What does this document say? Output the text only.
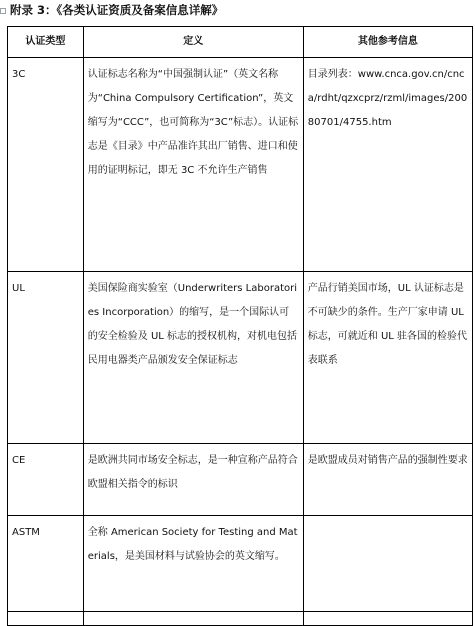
附录 3：《各类认证资质及备案信息详解》
认证类型	定义	其他参考信息
3C	认证标志名称为“中国强制认证”（英文名称为“China Compulsory Certification”，英文缩写为“CCC”，也可简称为“3C”标志）。认证标志是《目录》中产品准许其出厂销售、进口和使用的证明标记，即无 3C 不允许生产销售	目录列表：www.cnca.gov.cn/cnca/rdht/qzxcprz/rzml/images/20080701/4755.htm
UL	美国保险商实验室（Underwriters Laboratories Incorporation）的缩写，是一个国际认可的安全检验及 UL 标志的授权机构，对机电包括民用电器类产品颁发安全保证标志	产品行销美国市场，UL 认证标志是不可缺少的条件。生产厂家申请 UL 标志，可就近和 UL 驻各国的检验代表联系
CE	是欧洲共同市场安全标志，是一种宣称产品符合欧盟相关指令的标识	是欧盟成员对销售产品的强制性要求
ASTM	全称 American Society for Testing and Materials，是美国材料与试验协会的英文缩写。	
